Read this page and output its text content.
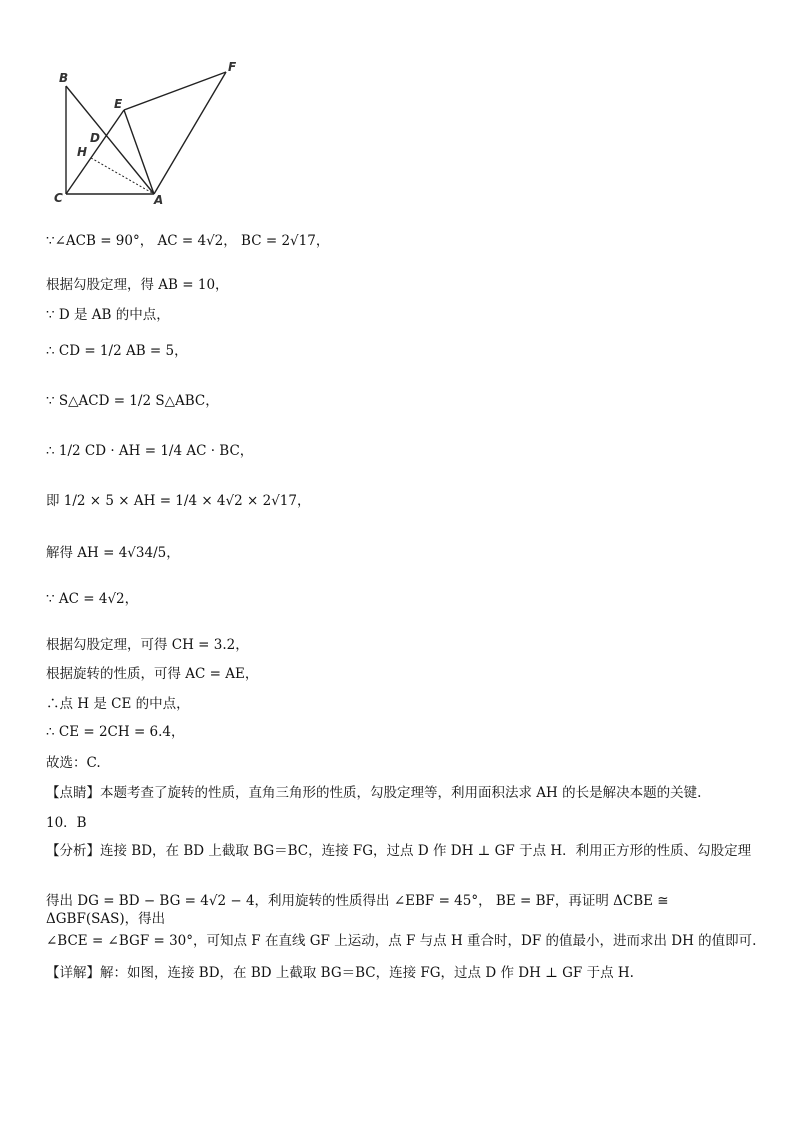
B
E
F
D
H
C	A
∵∠ACB = 90°， AC = 4√2， BC = 2√17，
根据勾股定理，得 AB = 10，
∵ D 是 AB 的中点，
∴ CD = 1/2 AB = 5，
∵ S△ACD = 1/2 S△ABC，
∴ 1/2 CD · AH = 1/4 AC · BC，
即 1/2 × 5 × AH = 1/4 × 4√2 × 2√17，
解得 AH = 4√34/5，
∵ AC = 4√2，
根据勾股定理，可得 CH = 3.2，
根据旋转的性质，可得 AC = AE，
∴点 H 是 CE 的中点，
∴ CE = 2CH = 6.4，
故选：C.
【点睛】本题考查了旋转的性质，直角三角形的性质，勾股定理等，利用面积法求 AH 的长是解决本题的关键.
10．B
【分析】连接 BD，在 BD 上截取 BG＝BC，连接 FG，过点 D 作 DH ⊥ GF 于点 H．利用正方形的性质、勾股定理
得出 DG = BD − BG = 4√2 − 4，利用旋转的性质得出 ∠EBF = 45°， BE = BF，再证明 ΔCBE ≅ ΔGBF(SAS)，得出
∠BCE = ∠BGF = 30°，可知点 F 在直线 GF 上运动，点 F 与点 H 重合时，DF 的值最小，进而求出 DH 的值即可.
【详解】解：如图，连接 BD，在 BD 上截取 BG＝BC，连接 FG，过点 D 作 DH ⊥ GF 于点 H.
